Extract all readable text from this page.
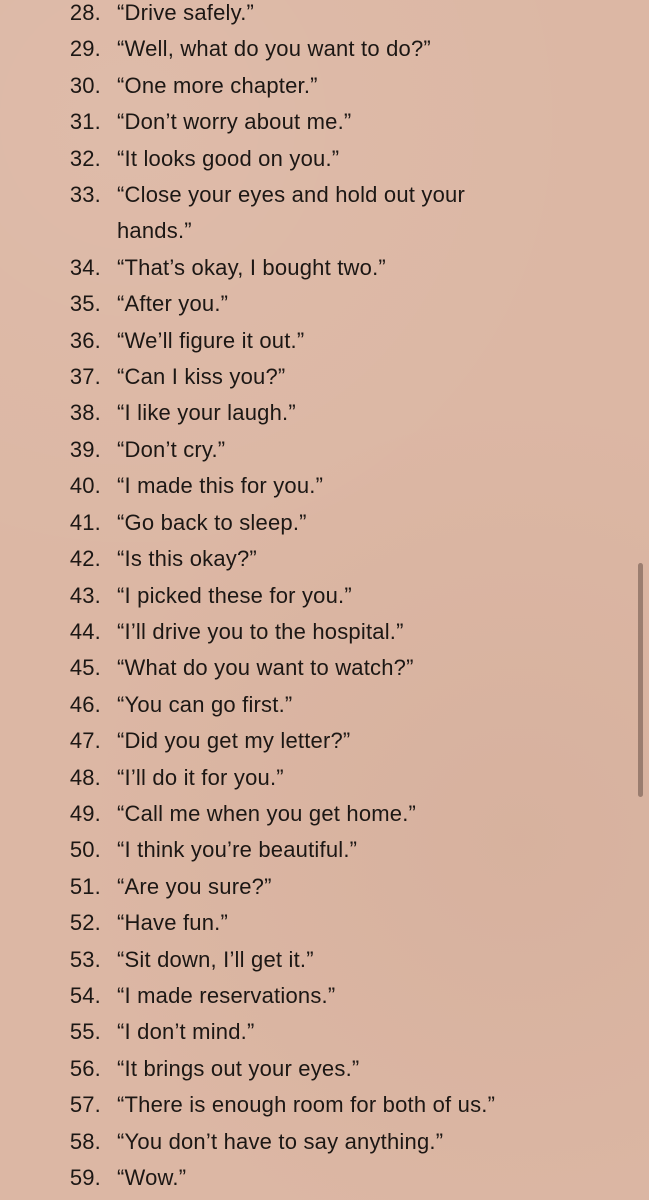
28. “Drive safely.”
29. “Well, what do you want to do?”
30. “One more chapter.”
31. “Don’t worry about me.”
32. “It looks good on you.”
33. “Close your eyes and hold out your hands.”
34. “That’s okay, I bought two.”
35. “After you.”
36. “We’ll figure it out.”
37. “Can I kiss you?”
38. “I like your laugh.”
39. “Don’t cry.”
40. “I made this for you.”
41. “Go back to sleep.”
42. “Is this okay?”
43. “I picked these for you.”
44. “I’ll drive you to the hospital.”
45. “What do you want to watch?”
46. “You can go first.”
47. “Did you get my letter?”
48. “I’ll do it for you.”
49. “Call me when you get home.”
50. “I think you’re beautiful.”
51. “Are you sure?”
52. “Have fun.”
53. “Sit down, I’ll get it.”
54. “I made reservations.”
55. “I don’t mind.”
56. “It brings out your eyes.”
57. “There is enough room for both of us.”
58. “You don’t have to say anything.”
59. “Wow.”
